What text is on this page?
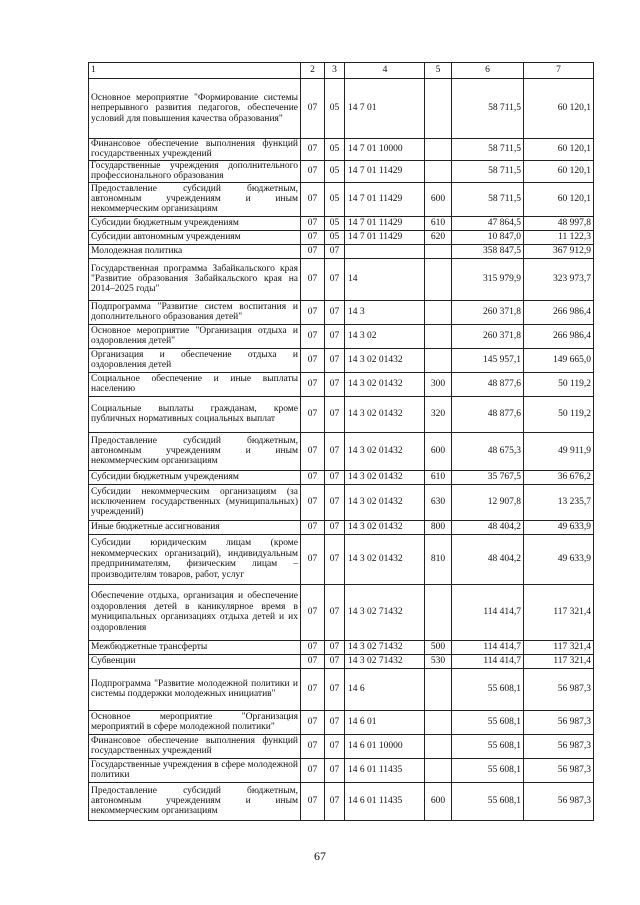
1	2	3	4	5	6	7
Основное мероприятие "Формирование системы непрерывного развития педагогов, обеспечение условий для повышения качества образования"	07	05	14 7 01		58 711,5	60 120,1
Финансовое обеспечение выполнения функций государственных учреждений	07	05	14 7 01 10000		58 711,5	60 120,1
Государственные учреждения дополнительного профессионального образования	07	05	14 7 01 11429		58 711,5	60 120,1
Предоставление субсидий бюджетным, автономным учреждениям и иным некоммерческим организациям	07	05	14 7 01 11429	600	58 711,5	60 120,1
Субсидии бюджетным учреждениям	07	05	14 7 01 11429	610	47 864,5	48 997,8
Субсидии автономным учреждениям	07	05	14 7 01 11429	620	10 847,0	11 122,3
Молодежная политика	07	07			358 847,5	367 912,9
Государственная программа Забайкальского края "Развитие образования Забайкальского края на 2014–2025 годы"	07	07	14		315 979,9	323 973,7
Подпрограмма "Развитие систем воспитания и дополнительного образования детей"	07	07	14 3		260 371,8	266 986,4
Основное мероприятие "Организация отдыха и оздоровления детей"	07	07	14 3 02		260 371,8	266 986,4
Организация и обеспечение отдыха и оздоровления детей	07	07	14 3 02 01432		145 957,1	149 665,0
Социальное обеспечение и иные выплаты населению	07	07	14 3 02 01432	300	48 877,6	50 119,2
Социальные выплаты гражданам, кроме публичных нормативных социальных выплат	07	07	14 3 02 01432	320	48 877,6	50 119,2
Предоставление субсидий бюджетным, автономным учреждениям и иным некоммерческим организациям	07	07	14 3 02 01432	600	48 675,3	49 911,9
Субсидии бюджетным учреждениям	07	07	14 3 02 01432	610	35 767,5	36 676,2
Субсидии некоммерческим организациям (за исключением государственных (муниципальных) учреждений)	07	07	14 3 02 01432	630	12 907,8	13 235,7
Иные бюджетные ассигнования	07	07	14 3 02 01432	800	48 404,2	49 633,9
Субсидии юридическим лицам (кроме некоммерческих организаций), индивидуальным предпринимателям, физическим лицам – производителям товаров, работ, услуг	07	07	14 3 02 01432	810	48 404,2	49 633,9
Обеспечение отдыха, организация и обеспечение оздоровления детей в каникулярное время в муниципальных организациях отдыха детей и их оздоровления	07	07	14 3 02 71432		114 414,7	117 321,4
Межбюджетные трансферты	07	07	14 3 02 71432	500	114 414,7	117 321,4
Субвенции	07	07	14 3 02 71432	530	114 414,7	117 321,4
Подпрограмма "Развитие молодежной политики и системы поддержки молодежных инициатив"	07	07	14 6		55 608,1	56 987,3
Основное мероприятие "Организация мероприятий в сфере молодежной политики"	07	07	14 6 01		55 608,1	56 987,3
Финансовое обеспечение выполнения функций государственных учреждений	07	07	14 6 01 10000		55 608,1	56 987,3
Государственные учреждения в сфере молодежной политики	07	07	14 6 01 11435		55 608,1	56 987,3
Предоставление субсидий бюджетным, автономным учреждениям и иным некоммерческим организациям	07	07	14 6 01 11435	600	55 608,1	56 987,3
67
